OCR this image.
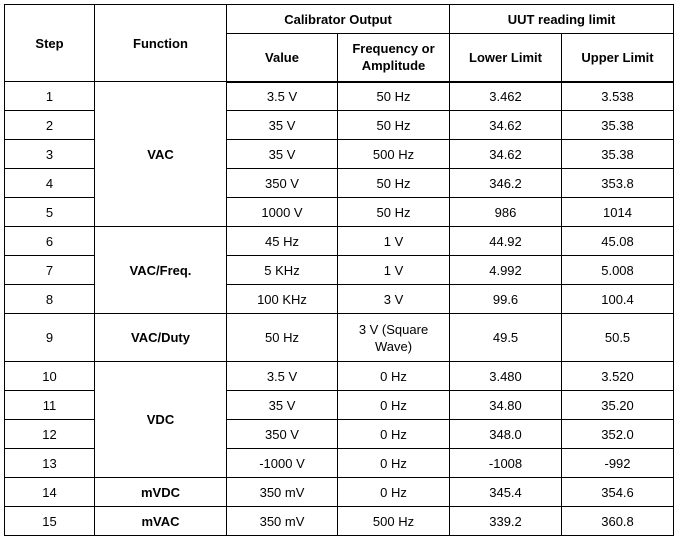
Step	Function	Calibrator Output		UUT reading limit	
		Value	Frequency or Amplitude	Lower Limit	Upper Limit
1	VAC	3.5 V	50 Hz	3.462	3.538
2		35 V	50 Hz	34.62	35.38
3		35 V	500 Hz	34.62	35.38
4		350 V	50 Hz	346.2	353.8
5		1000 V	50 Hz	986	1014
6	VAC/Freq.	45 Hz	1 V	44.92	45.08
7		5 KHz	1 V	4.992	5.008
8		100 KHz	3 V	99.6	100.4
9	VAC/Duty	50 Hz	3 V (Square Wave)	49.5	50.5
10	VDC	3.5 V	0 Hz	3.480	3.520
11		35 V	0 Hz	34.80	35.20
12		350 V	0 Hz	348.0	352.0
13		-1000 V	0 Hz	-1008	-992
14	mVDC	350 mV	0 Hz	345.4	354.6
15	mVAC	350 mV	500 Hz	339.2	360.8
